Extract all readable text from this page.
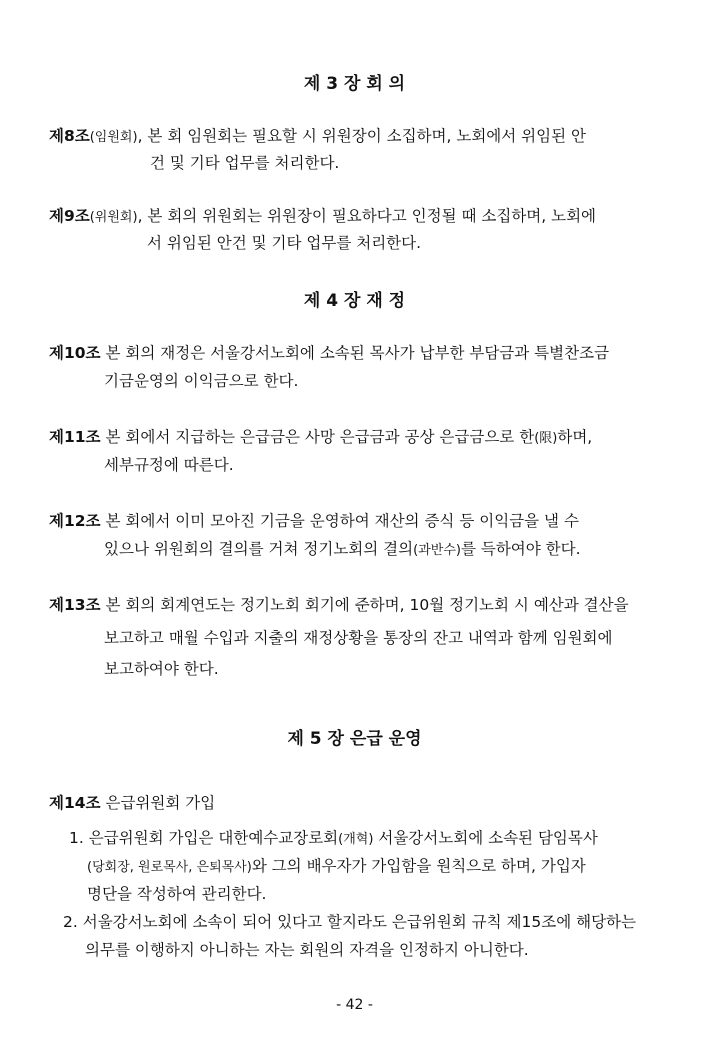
제 3 장 회 의
제8조(임원회), 본 회 임원회는 필요할 시 위원장이 소집하며, 노회에서 위임된 안
건 및 기타 업무를 처리한다.
제9조(위원회), 본 회의 위원회는 위원장이 필요하다고 인정될 때 소집하며, 노회에
서 위임된 안건 및 기타 업무를 처리한다.
제 4 장 재 정
제10조 본 회의 재정은 서울강서노회에 소속된 목사가 납부한 부담금과 특별찬조금
기금운영의 이익금으로 한다.
제11조 본 회에서 지급하는 은급금은 사망 은급금과 공상 은급금으로 한(限)하며,
세부규정에 따른다.
제12조 본 회에서 이미 모아진 기금을 운영하여 재산의 증식 등 이익금을 낼 수
있으나 위원회의 결의를 거쳐 정기노회의 결의(과반수)를 득하여야 한다.
제13조 본 회의 회계연도는 정기노회 회기에 준하며, 10월 정기노회 시 예산과 결산을
보고하고 매월 수입과 지출의 재정상황을 통장의 잔고 내역과 함께 임원회에
보고하여야 한다.
제 5 장 은급 운영
제14조 은급위원회 가입
1. 은급위원회 가입은 대한예수교장로회(개혁) 서울강서노회에 소속된 담임목사
(당회장, 원로목사, 은퇴목사)와 그의 배우자가 가입함을 원칙으로 하며, 가입자
명단을 작성하여 관리한다.
2. 서울강서노회에 소속이 되어 있다고 할지라도 은급위원회 규칙 제15조에 해당하는
의무를 이행하지 아니하는 자는 회원의 자격을 인정하지 아니한다.
- 42 -
